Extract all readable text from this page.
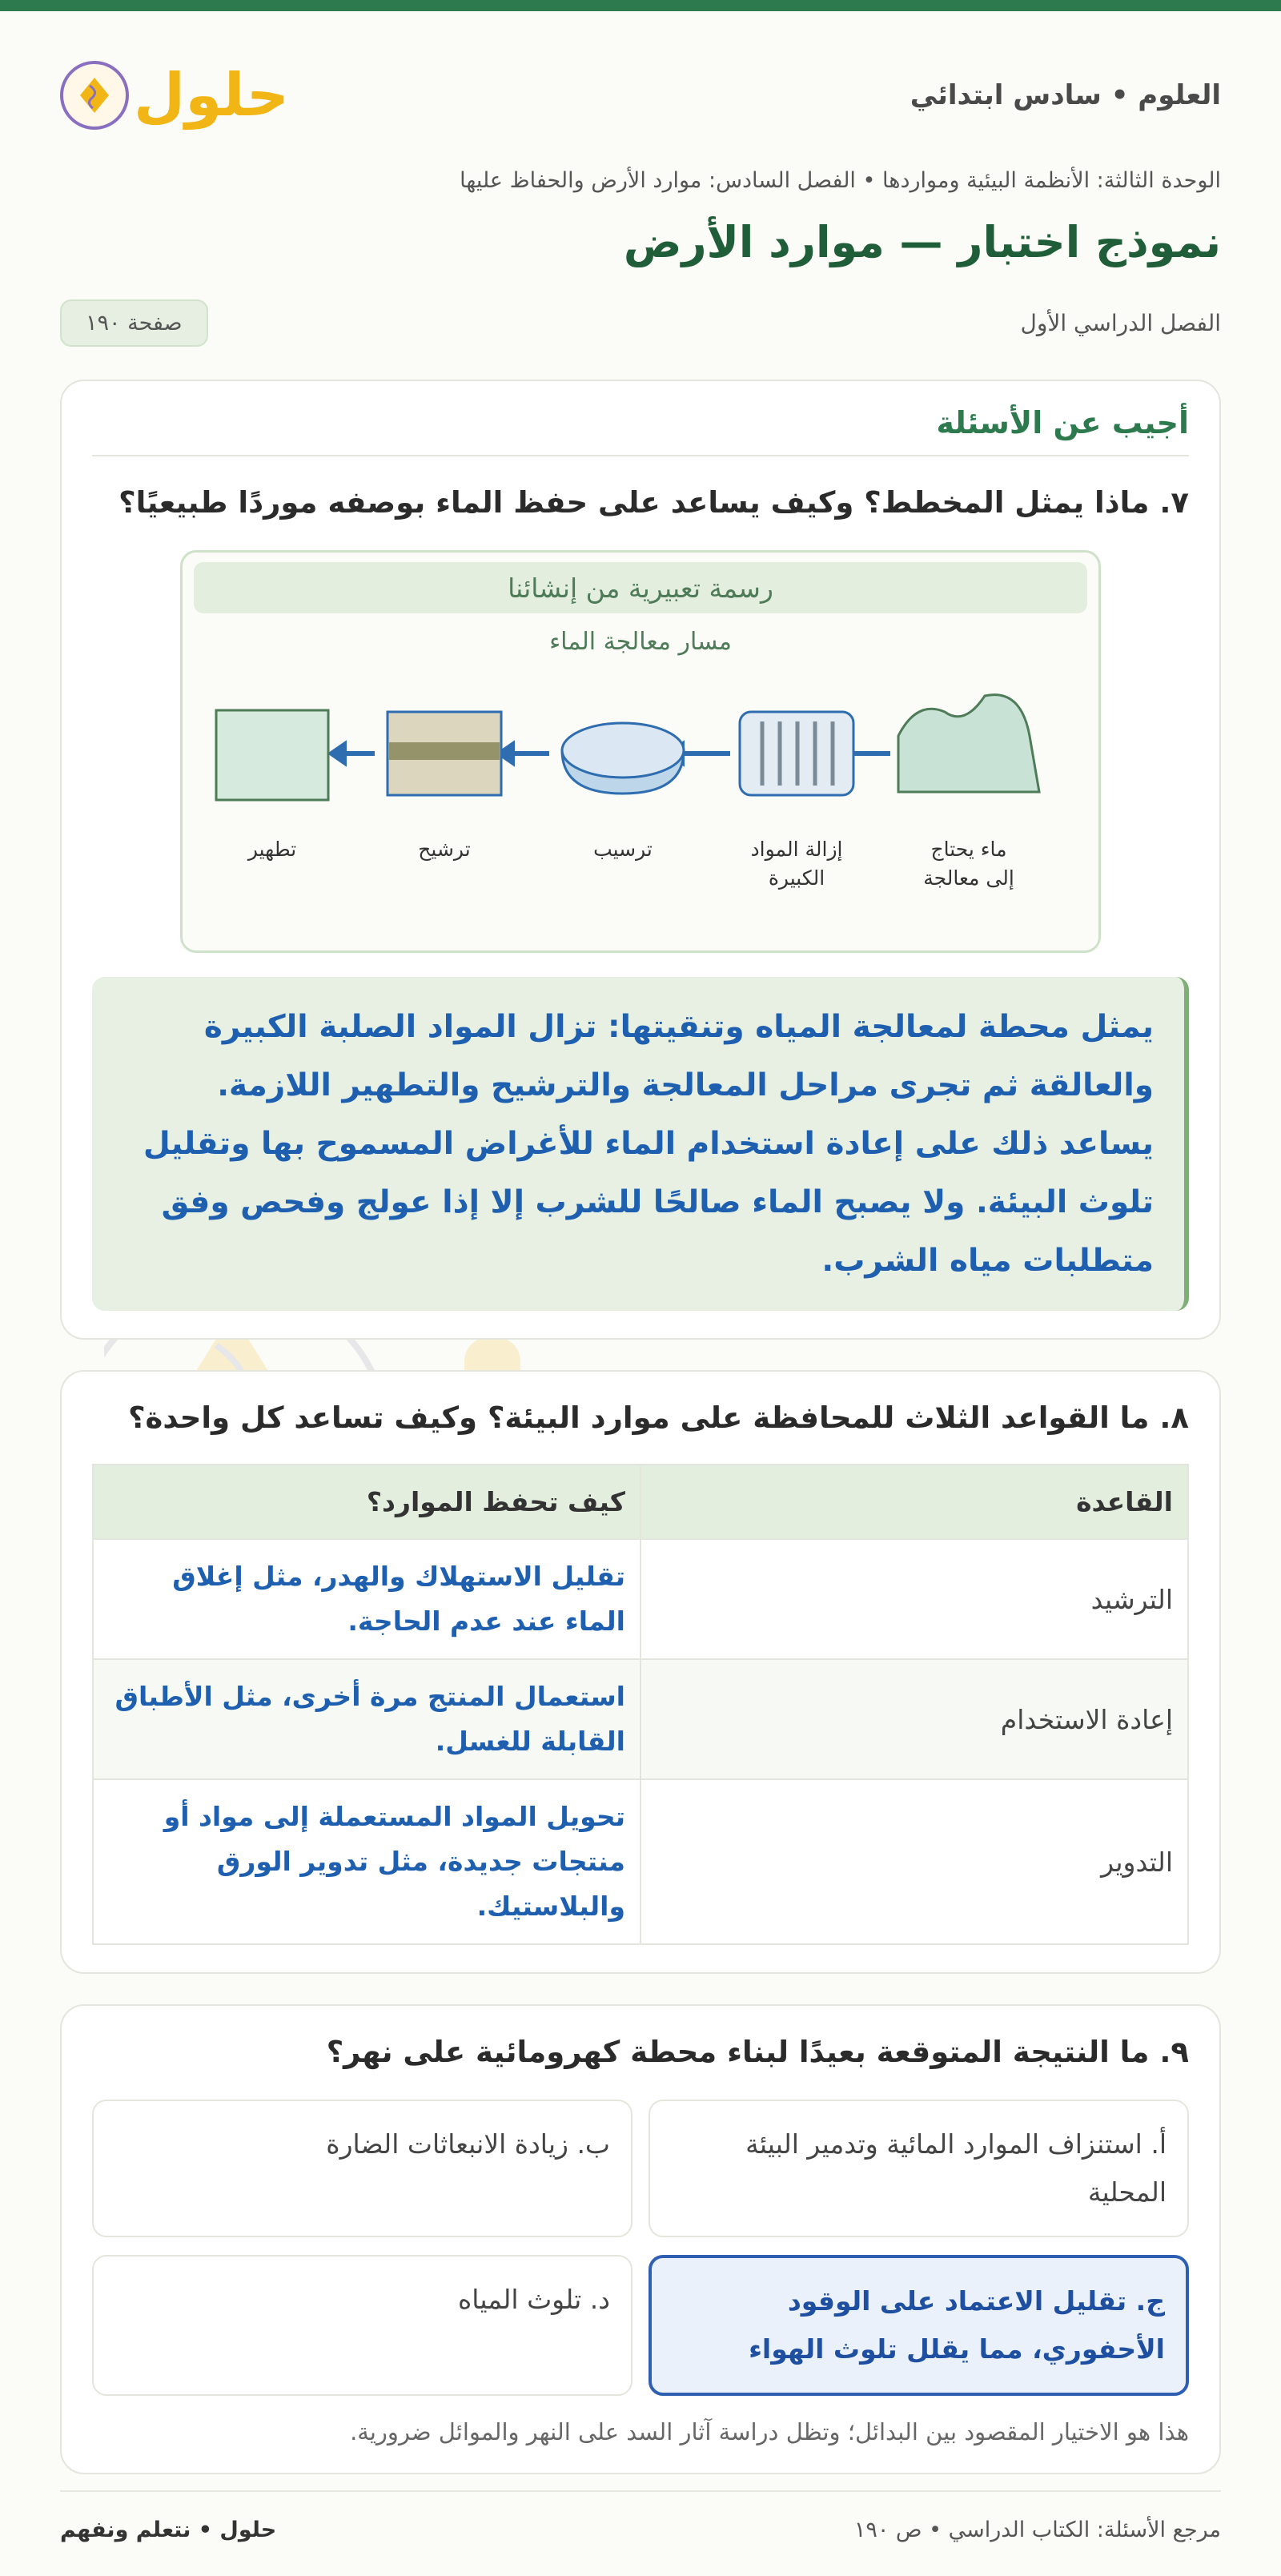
العلوم • سادس ابتدائي
حلول
الوحدة الثالثة: الأنظمة البيئية ومواردها • الفصل السادس: موارد الأرض والحفاظ عليها
نموذج اختبار — موارد الأرض
الفصل الدراسي الأول
صفحة ١٩٠
أجيب عن الأسئلة
٧. ماذا يمثل المخطط؟ وكيف يساعد على حفظ الماء بوصفه موردًا طبيعيًا؟
رسمة تعبيرية من إنشائنا
مسار معالجة الماء
ماء يحتاج
إلى معالجة
إزالة المواد
الكبيرة
ترسيب
ترشيح
تطهير
يمثل محطة لمعالجة المياه وتنقيتها: تزال المواد الصلبة الكبيرة والعالقة ثم تجرى مراحل المعالجة والترشيح والتطهير اللازمة. يساعد ذلك على إعادة استخدام الماء للأغراض المسموح بها وتقليل تلوث البيئة. ولا يصبح الماء صالحًا للشرب إلا إذا عولج وفحص وفق متطلبات مياه الشرب.
٨. ما القواعد الثلاث للمحافظة على موارد البيئة؟ وكيف تساعد كل واحدة؟
القاعدة	كيف تحفظ الموارد؟
الترشيد	تقليل الاستهلاك والهدر، مثل إغلاق الماء عند عدم الحاجة.
إعادة الاستخدام	استعمال المنتج مرة أخرى، مثل الأطباق القابلة للغسل.
التدوير	تحويل المواد المستعملة إلى مواد أو منتجات جديدة، مثل تدوير الورق والبلاستيك.
٩. ما النتيجة المتوقعة بعيدًا لبناء محطة كهرومائية على نهر؟
أ. استنزاف الموارد المائية وتدمير البيئة المحلية
ب. زيادة الانبعاثات الضارة
ج. تقليل الاعتماد على الوقود الأحفوري، مما يقلل تلوث الهواء
د. تلوث المياه
هذا هو الاختيار المقصود بين البدائل؛ وتظل دراسة آثار السد على النهر والموائل ضرورية.
مرجع الأسئلة: الكتاب الدراسي • ص ١٩٠
حلول • نتعلم ونفهم
